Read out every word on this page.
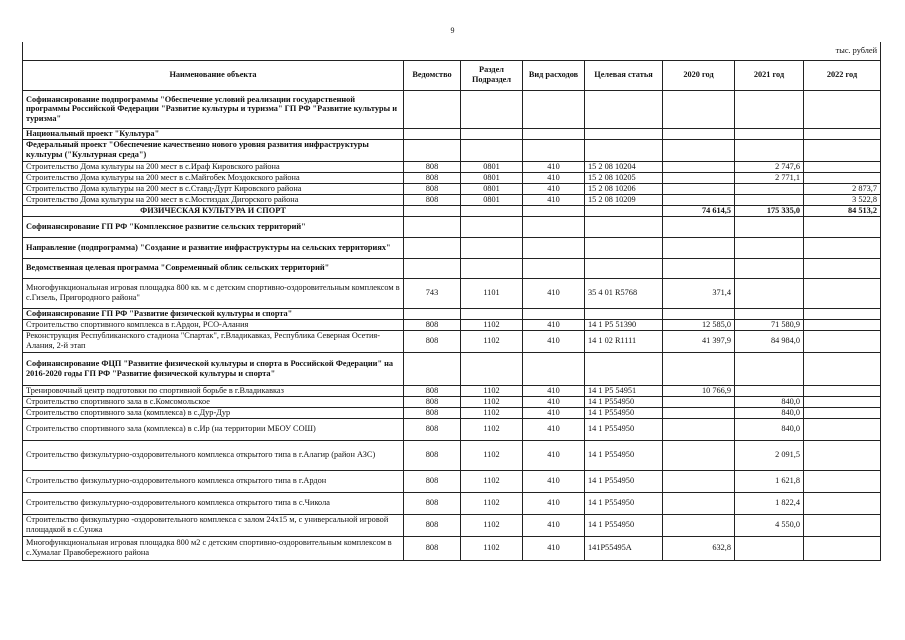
9
тыс. рублей							
Наименование объекта	Ведомство	Раздел Подраздел	Вид расходов	Целевая статья	2020 год	2021 год	2022 год
Софинансирование подпрограммы "Обеспечение условий реализации государственной программы Российской Федерации "Развитие культуры и туризма" ГП РФ "Развитие культуры и туризма"							
Национальный проект "Культура"							
Федеральный проект "Обеспечение качественно нового уровня развития инфраструктуры культуры ("Культурная среда")							
Строительство Дома культуры на 200 мест в с.Ираф Кировского района	808	0801	410	15 2 08 10204		2 747,6	
Строительство Дома культуры на 200 мест в с.Майгобек Моздокского района	808	0801	410	15 2 08 10205		2 771,1	
Строительство Дома культуры на 200 мест в с.Ставд-Дурт Кировского района	808	0801	410	15 2 08 10206			2 873,7
Строительство Дома культуры на 200 мест в с.Мостиздах Дигорского района	808	0801	410	15 2 08 10209			3 522,8
ФИЗИЧЕСКАЯ КУЛЬТУРА И СПОРТ					74 614,5	175 335,0	84 513,2
Софинансирование ГП РФ "Комплексное развитие сельских территорий"							
Направление (подпрограмма) "Создание и развитие инфраструктуры на сельских территориях"							
Ведомственная целевая программа "Современный облик сельских территорий"							
Многофункциональная игровая площадка 800 кв. м с детским спортивно-оздоровительным комплексом в с.Гизель, Пригородного района"	743	1101	410	35 4 01 R5768	371,4		
Софинансирование ГП РФ "Развитие физической культуры и спорта"							
Строительство спортивного комплекса в г.Ардон, РСО-Алания	808	1102	410	14 1 P5 51390	12 585,0	71 580,9	
Реконструкция Республиканского стадиона "Спартак", г.Владикавказ, Республика Северная Осетия-Алания, 2-й этап	808	1102	410	14 1 02 R1111	41 397,9	84 984,0	
Софинансирование ФЦП "Развитие физической культуры и спорта в Российской Федерации" на 2016-2020 годы ГП РФ "Развитие физической культуры и спорта"							
Тренировочный центр подготовки по спортивной борьбе в г.Владикавказ	808	1102	410	14 1 P5 54951	10 766,9		
Строительство спортивного зала в с.Комсомольское	808	1102	410	14 1 P554950		840,0	
Строительство спортивного зала (комплекса) в с.Дур-Дур	808	1102	410	14 1 P554950		840,0	
Строительство спортивного зала (комплекса) в с.Ир (на территории МБОУ СОШ)	808	1102	410	14 1 P554950		840,0	
Строительство физкультурно-оздоровительного комплекса открытого типа в г.Алагир (район АЗС)	808	1102	410	14 1 P554950		2 091,5	
Строительство физкультурно-оздоровительного комплекса открытого типа в г.Ардон	808	1102	410	14 1 P554950		1 621,8	
Строительство физкультурно-оздоровительного комплекса открытого типа в с.Чикола	808	1102	410	14 1 P554950		1 822,4	
Строительство физкультурно -оздоровительного комплекса с залом 24х15 м, с универсальной игровой площадкой в с.Сунжа	808	1102	410	14 1 P554950		4 550,0	
Многофункциональная игровая площадка 800 м2 с детским спортивно-оздоровительным комплексом в с.Хумалаг Правобережного района	808	1102	410	141P55495А	632,8		
